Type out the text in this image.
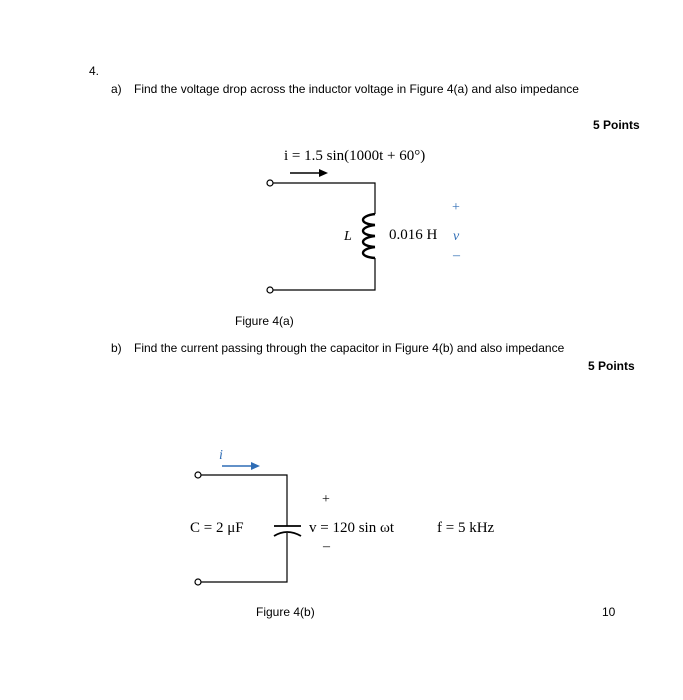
4.
a) Find the voltage drop across the inductor voltage in Figure 4(a) and also impedance
5 Points
i = 1.5 sin(1000t + 60°)
L 0.016 H
+
v
–
Figure 4(a)
b) Find the current passing through the capacitor in Figure 4(b) and also impedance
5 Points
i
C = 2 μF
+
v = 120 sin ωt
–
f = 5 kHz
Figure 4(b)	10
